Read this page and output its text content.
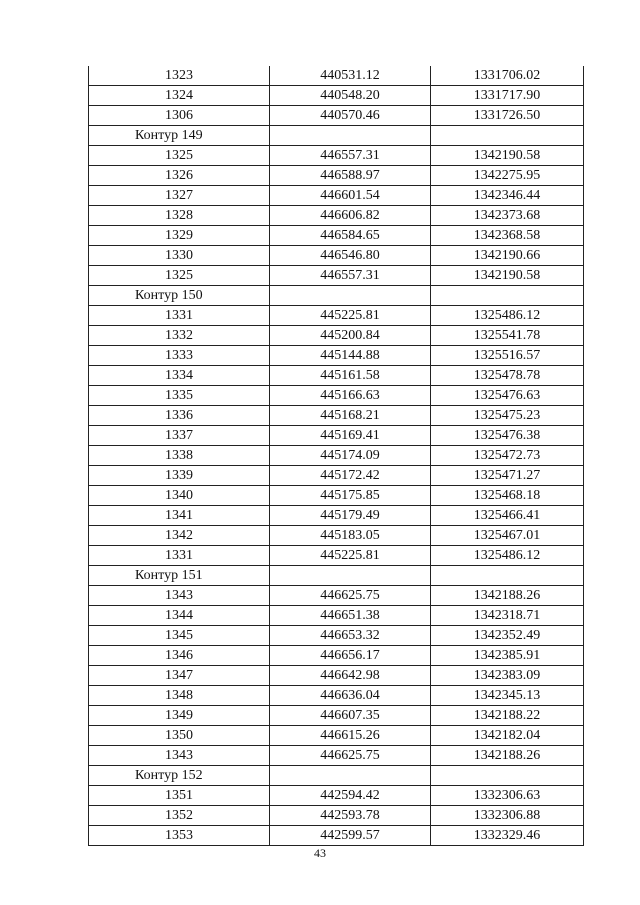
1323	440531.12	1331706.02
1324	440548.20	1331717.90
1306	440570.46	1331726.50
Контур 149		
1325	446557.31	1342190.58
1326	446588.97	1342275.95
1327	446601.54	1342346.44
1328	446606.82	1342373.68
1329	446584.65	1342368.58
1330	446546.80	1342190.66
1325	446557.31	1342190.58
Контур 150		
1331	445225.81	1325486.12
1332	445200.84	1325541.78
1333	445144.88	1325516.57
1334	445161.58	1325478.78
1335	445166.63	1325476.63
1336	445168.21	1325475.23
1337	445169.41	1325476.38
1338	445174.09	1325472.73
1339	445172.42	1325471.27
1340	445175.85	1325468.18
1341	445179.49	1325466.41
1342	445183.05	1325467.01
1331	445225.81	1325486.12
Контур 151		
1343	446625.75	1342188.26
1344	446651.38	1342318.71
1345	446653.32	1342352.49
1346	446656.17	1342385.91
1347	446642.98	1342383.09
1348	446636.04	1342345.13
1349	446607.35	1342188.22
1350	446615.26	1342182.04
1343	446625.75	1342188.26
Контур 152		
1351	442594.42	1332306.63
1352	442593.78	1332306.88
1353	442599.57	1332329.46
43
